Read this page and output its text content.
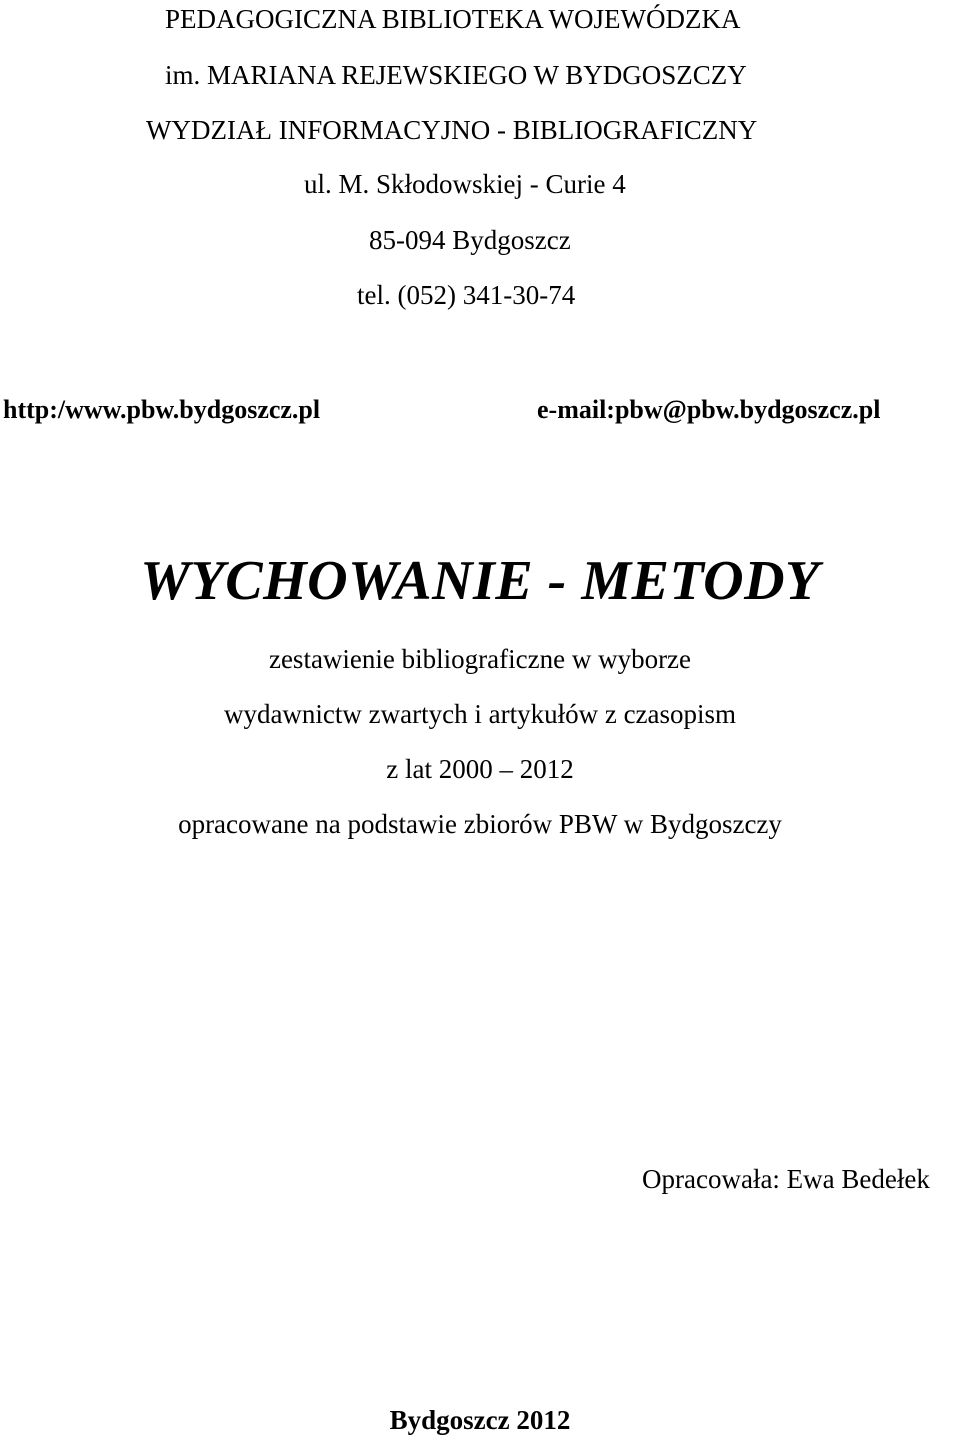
PEDAGOGICZNA BIBLIOTEKA WOJEWÓDZKA
im. MARIANA REJEWSKIEGO W BYDGOSZCZY
WYDZIAŁ INFORMACYJNO - BIBLIOGRAFICZNY
ul. M. Skłodowskiej - Curie 4
85-094 Bydgoszcz
tel. (052) 341-30-74
http:/www.pbw.bydgoszcz.pl	e-mail:pbw@pbw.bydgoszcz.pl
WYCHOWANIE - METODY
zestawienie bibliograficzne w wyborze
wydawnictw zwartych i artykułów z czasopism
z lat 2000 – 2012
opracowane na podstawie zbiorów PBW w Bydgoszczy
Opracowała: Ewa Bedełek
Bydgoszcz 2012
